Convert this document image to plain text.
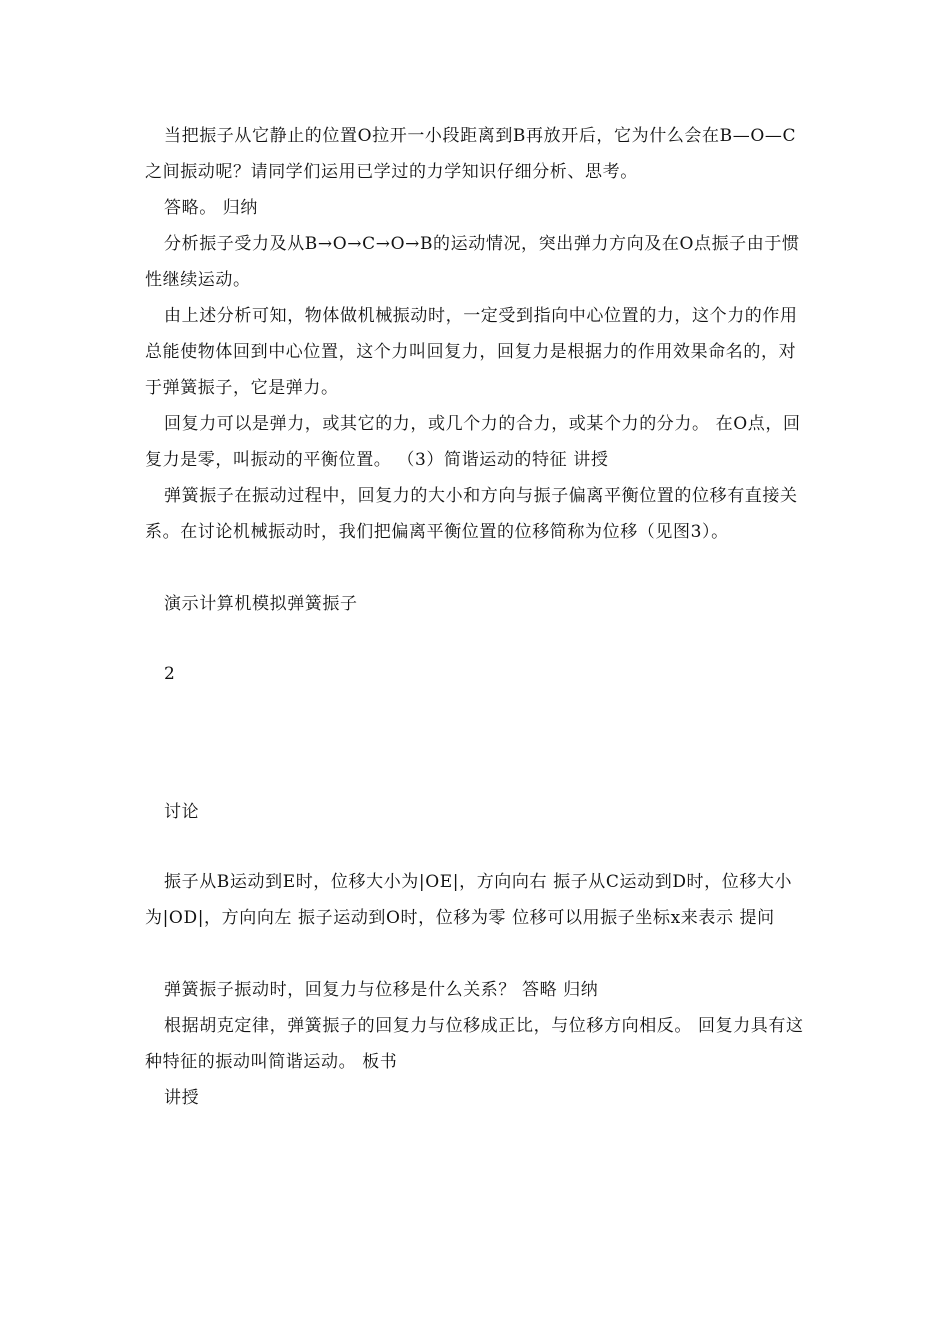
当把振子从它静止的位置O拉开一小段距离到B再放开后，它为什么会在B—O—C之间振动呢？请同学们运用已学过的力学知识仔细分析、思考。

答略。 归纳

分析振子受力及从B→O→C→O→B的运动情况，突出弹力方向及在O点振子由于惯性继续运动。

由上述分析可知，物体做机械振动时，一定受到指向中心位置的力，这个力的作用总能使物体回到中心位置，这个力叫回复力，回复力是根据力的作用效果命名的，对于弹簧振子，它是弹力。

回复力可以是弹力，或其它的力，或几个力的合力，或某个力的分力。 在O点，回复力是零，叫振动的平衡位置。 （3）简谐运动的特征 讲授

弹簧振子在振动过程中，回复力的大小和方向与振子偏离平衡位置的位移有直接关系。在讨论机械振动时，我们把偏离平衡位置的位移简称为位移（见图3）。

演示计算机模拟弹簧振子

2

讨论

振子从B运动到E时，位移大小为|OE|，方向向右 振子从C运动到D时，位移大小为|OD|，方向向左 振子运动到O时，位移为零 位移可以用振子坐标x来表示 提问

弹簧振子振动时，回复力与位移是什么关系？ 答略 归纳

根据胡克定律，弹簧振子的回复力与位移成正比，与位移方向相反。 回复力具有这种特征的振动叫简谐运动。 板书

讲授
